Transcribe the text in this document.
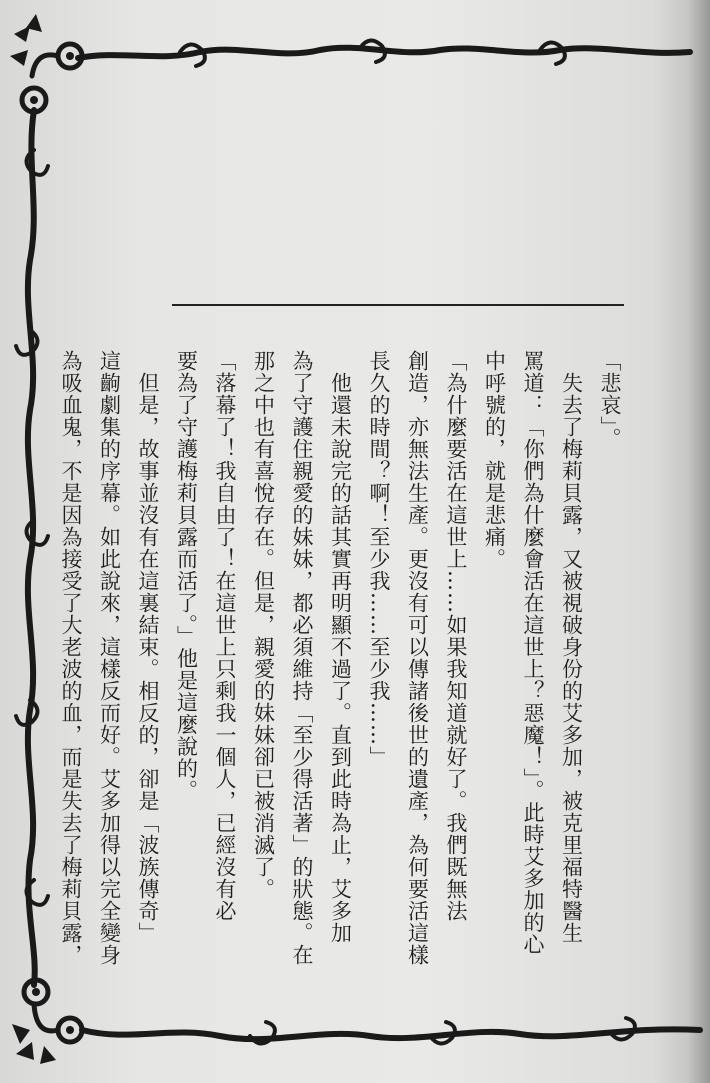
「悲哀」。
　失去了梅莉貝露，又被視破身份的艾多加，被克里福特醫生
罵道：「你們為什麼會活在這世上？惡魔！」。此時艾多加的心
中呼號的，就是悲痛。
「為什麼要活在這世上……如果我知道就好了。我們既無法
創造，亦無法生產。更沒有可以傳諸後世的遺產，為何要活這樣
長久的時間？啊！至少我……至少我……」
　他還未說完的話其實再明顯不過了。直到此時為止，艾多加
為了守護住親愛的妹妹，都必須維持「至少得活著」的狀態。在
那之中也有喜悅存在。但是，親愛的妹妹卻已被消滅了。
「落幕了！我自由了！在這世上只剩我一個人，已經沒有必
要為了守護梅莉貝露而活了。」他是這麼說的。
　但是，故事並沒有在這裏結束。相反的，卻是「波族傳奇」
這齣劇集的序幕。如此說來，這樣反而好。艾多加得以完全變身
為吸血鬼，不是因為接受了大老波的血，而是失去了梅莉貝露，
